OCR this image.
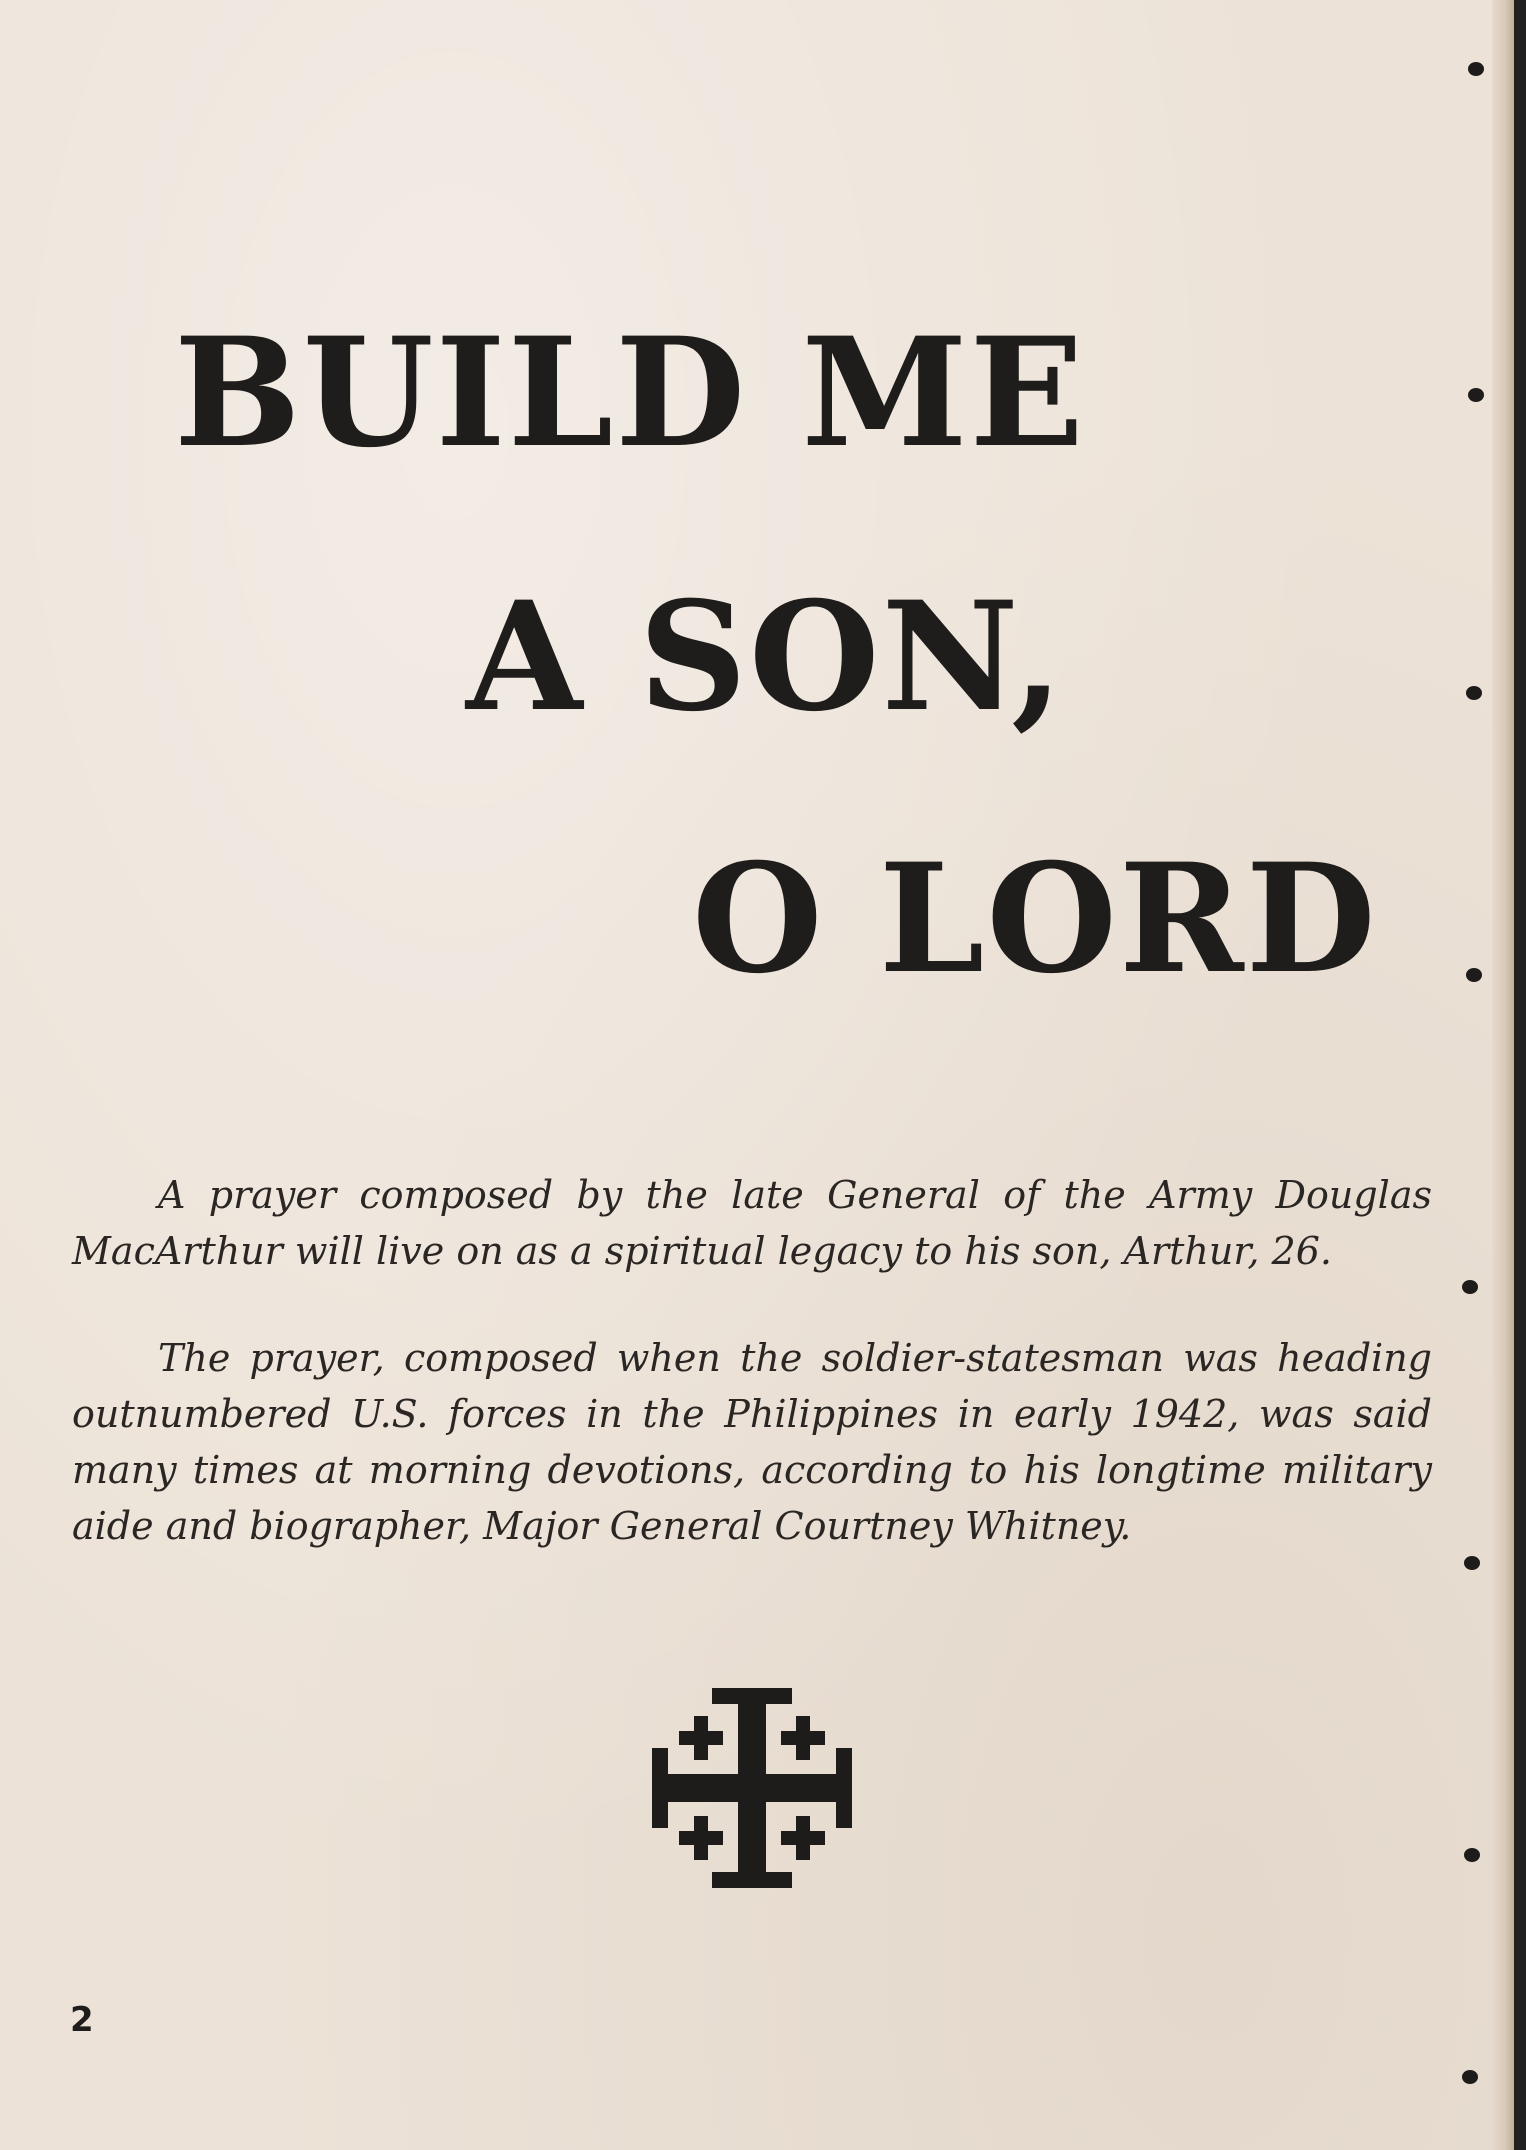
BUILD ME
A SON,
O LORD

A prayer composed by the late General of the Army Douglas MacArthur will live on as a spiritual legacy to his son, Arthur, 26.

The prayer, composed when the soldier-statesman was heading outnumbered U.S. forces in the Philippines in early 1942, was said many times at morning devotions, according to his longtime military aide and biographer, Major General Courtney Whitney.

2
